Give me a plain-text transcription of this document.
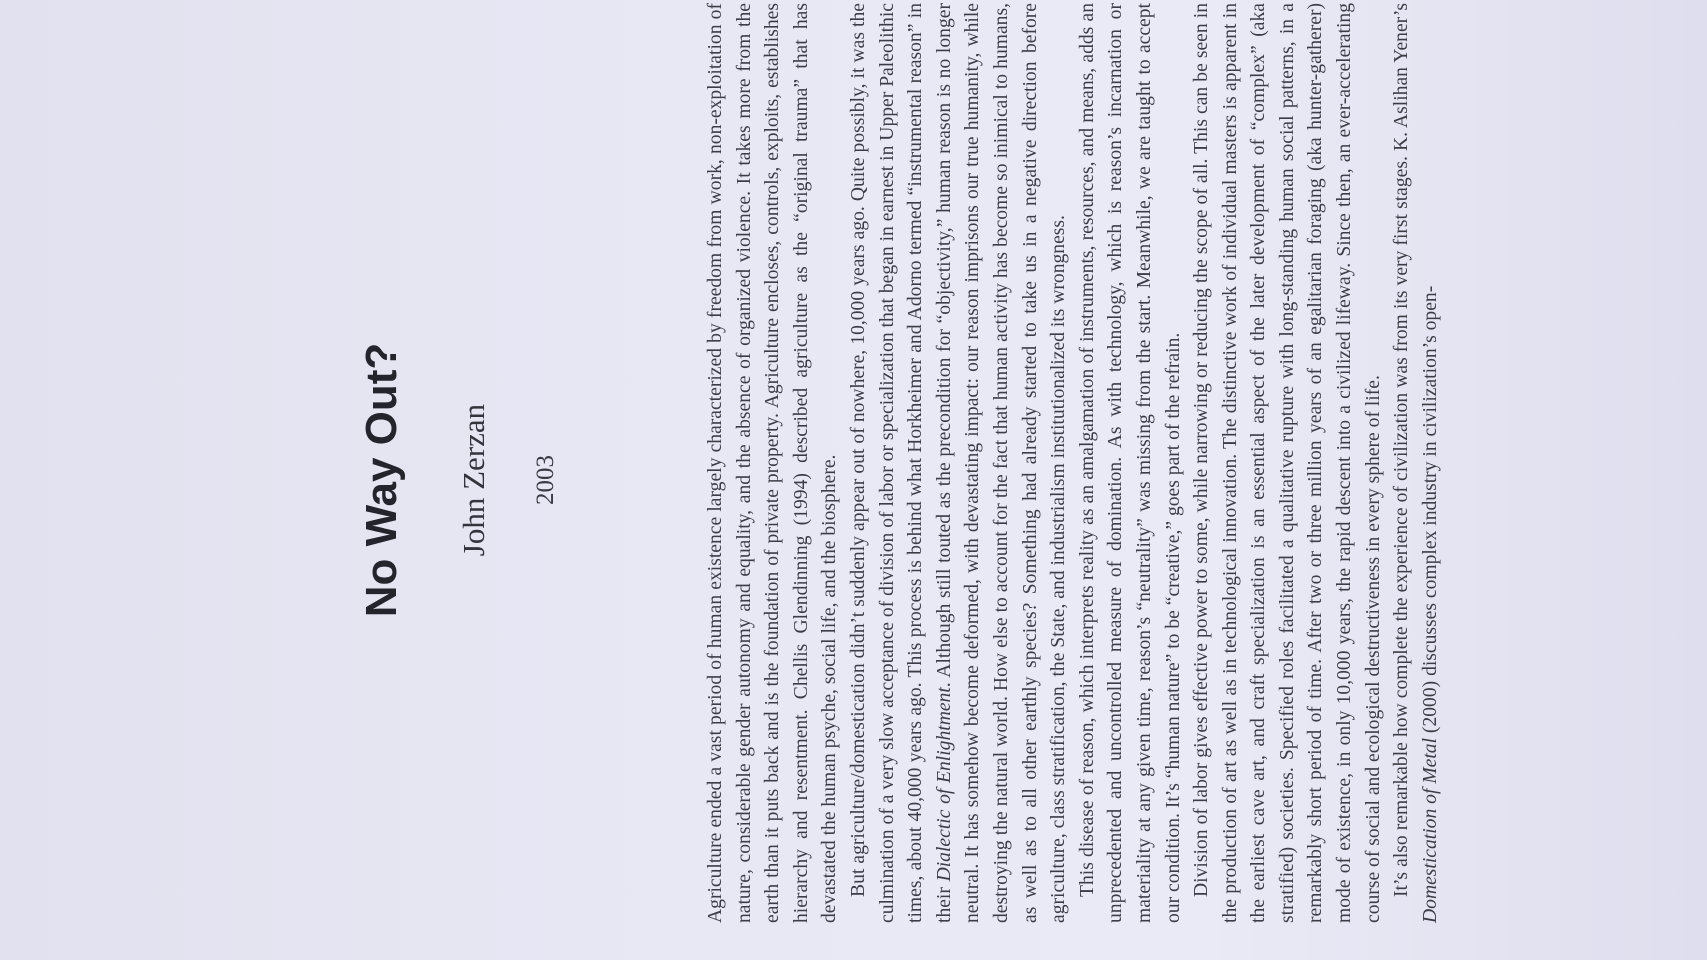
No Way Out? John Zerzan 2003	Agriculture ended a vast period of human existence largely characterized by freedom from work, non-exploitation of nature, considerable gender autonomy and equality, and the absence of organized violence. It takes more from the earth than it puts back and is the foundation of private property. Agriculture encloses, controls, exploits, establishes hierarchy and resentment. Chellis Glendinning (1994) described agriculture as the “original trauma” that has devastated the human psyche, social life, and the biosphere. But agriculture/domestication didn’t suddenly appear out of nowhere, 10,000 years ago. Quite possibly, it was the culmination of a very slow acceptance of division of labor or specialization that began in earnest in Upper Paleolithic times, about 40,000 years ago. This process is behind what Horkheimer and Adorno termed “instrumental reason” in their Dialectic of Enlightment. Although still touted as the precondition for “objectivity,” human reason is no longer neutral. It has somehow become deformed, with devastating impact: our reason imprisons our true humanity, while destroying the natural world. How else to account for the fact that human activity has become so inimical to humans, as well as to all other earthly species? Something had already started to take us in a negative direction before agriculture, class stratification, the State, and industrialism institutionalized its wrongness. This disease of reason, which interprets reality as an amalgamation of instruments, resources, and means, adds an unprecedented and uncontrolled measure of domination. As with technology, which is reason’s incarnation or materiality at any given time, reason’s “neutrality” was missing from the start. Meanwhile, we are taught to accept our condition. It’s “human nature” to be “creative,” goes part of the refrain. Division of labor gives effective power to some, while narrowing or reducing the scope of all. This can be seen in the production of art as well as in technological innovation. The distinctive work of individual masters is apparent in the earliest cave art, and craft specialization is an essential aspect of the later development of “complex” (aka stratified) societies. Specified roles facilitated a qualitative rupture with long-standing human social patterns, in a remarkably short period of time. After two or three million years of an egalitarian foraging (aka hunter-gatherer) mode of existence, in only 10,000 years, the rapid descent into a civilized lifeway. Since then, an ever-accelerating course of social and ecological destructiveness in every sphere of life. It’s also remarkable how complete the experience of civilization was from its very first stages. K. Aslihan Yener’s Domestication of Metal (2000) discusses complex industry in civilization’s open-
